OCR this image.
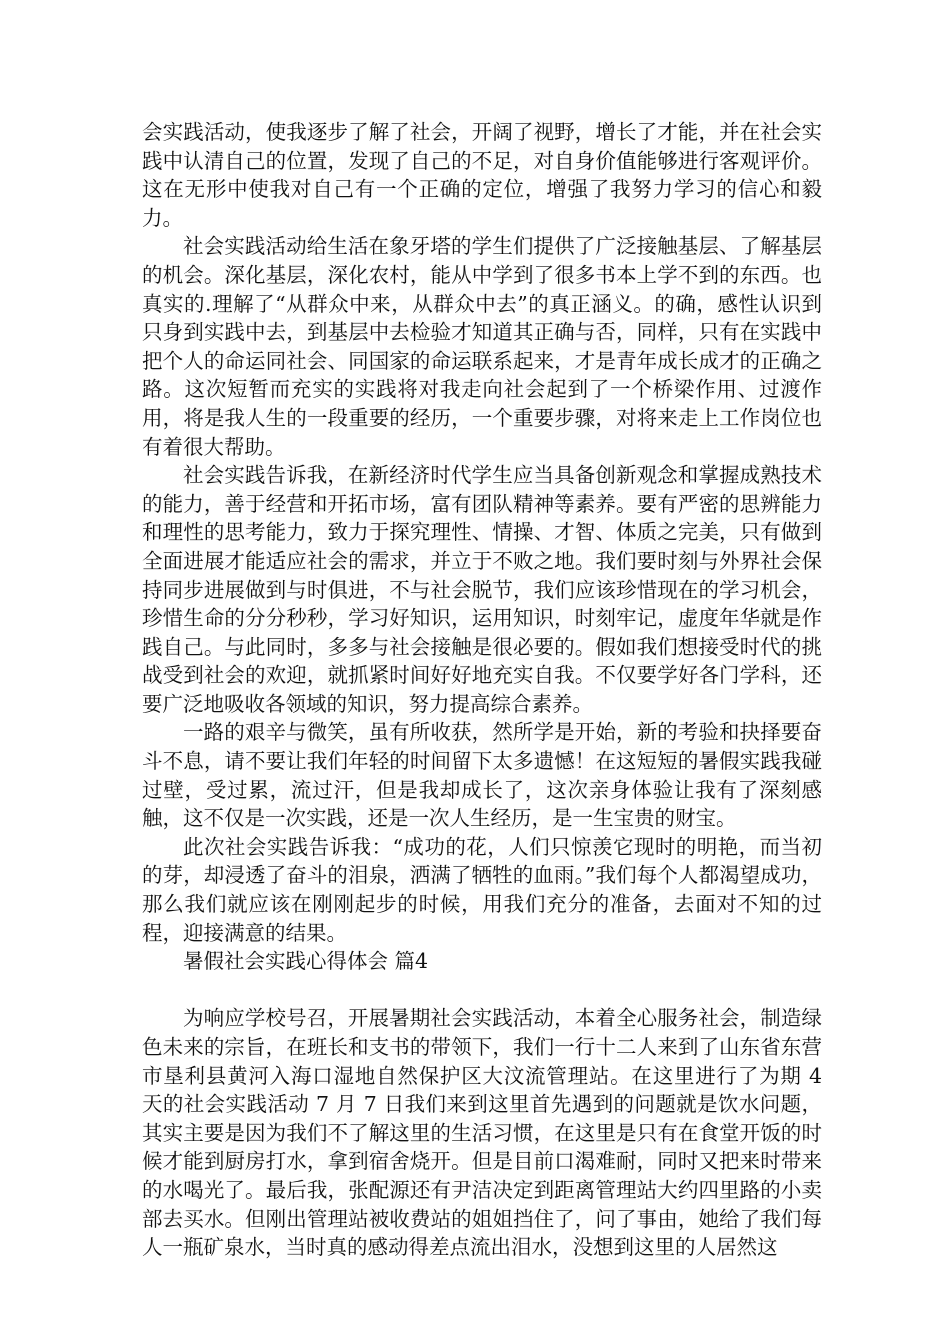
会实践活动，使我逐步了解了社会，开阔了视野，增长了才能，并在社会实践中认清自己的位置，发现了自己的不足，对自身价值能够进行客观评价。这在无形中使我对自己有一个正确的定位，增强了我努力学习的信心和毅力。

社会实践活动给生活在象牙塔的学生们提供了广泛接触基层、了解基层的机会。深化基层，深化农村，能从中学到了很多书本上学不到的东西。也真实的.理解了“从群众中来，从群众中去”的真正涵义。的确，感性认识到只身到实践中去，到基层中去检验才知道其正确与否，同样，只有在实践中把个人的命运同社会、同国家的命运联系起来，才是青年成长成才的正确之路。这次短暂而充实的实践将对我走向社会起到了一个桥梁作用、过渡作用，将是我人生的一段重要的经历，一个重要步骤，对将来走上工作岗位也有着很大帮助。

社会实践告诉我，在新经济时代学生应当具备创新观念和掌握成熟技术的能力，善于经营和开拓市场，富有团队精神等素养。要有严密的思辨能力和理性的思考能力，致力于探究理性、情操、才智、体质之完美，只有做到全面进展才能适应社会的需求，并立于不败之地。我们要时刻与外界社会保持同步进展做到与时俱进，不与社会脱节，我们应该珍惜现在的学习机会，珍惜生命的分分秒秒，学习好知识，运用知识，时刻牢记，虚度年华就是作践自己。与此同时，多多与社会接触是很必要的。假如我们想接受时代的挑战受到社会的欢迎，就抓紧时间好好地充实自我。不仅要学好各门学科，还要广泛地吸收各领域的知识，努力提高综合素养。

一路的艰辛与微笑，虽有所收获，然所学是开始，新的考验和抉择要奋斗不息，请不要让我们年轻的时间留下太多遗憾！在这短短的暑假实践我碰过壁，受过累，流过汗，但是我却成长了，这次亲身体验让我有了深刻感触，这不仅是一次实践，还是一次人生经历，是一生宝贵的财宝。

此次社会实践告诉我：“成功的花，人们只惊羡它现时的明艳，而当初的芽，却浸透了奋斗的泪泉，洒满了牺牲的血雨。”我们每个人都渴望成功，那么我们就应该在刚刚起步的时候，用我们充分的准备，去面对不知的过程，迎接满意的结果。

暑假社会实践心得体会 篇4

为响应学校号召，开展暑期社会实践活动，本着全心服务社会，制造绿色未来的宗旨，在班长和支书的带领下，我们一行十二人来到了山东省东营市垦利县黄河入海口湿地自然保护区大汶流管理站。在这里进行了为期 4 天的社会实践活动 7 月 7 日我们来到这里首先遇到的问题就是饮水问题，其实主要是因为我们不了解这里的生活习惯，在这里是只有在食堂开饭的时候才能到厨房打水，拿到宿舍烧开。但是目前口渴难耐，同时又把来时带来的水喝光了。最后我，张配源还有尹洁决定到距离管理站大约四里路的小卖部去买水。但刚出管理站被收费站的姐姐挡住了，问了事由，她给了我们每人一瓶矿泉水，当时真的感动得差点流出泪水，没想到这里的人居然这
